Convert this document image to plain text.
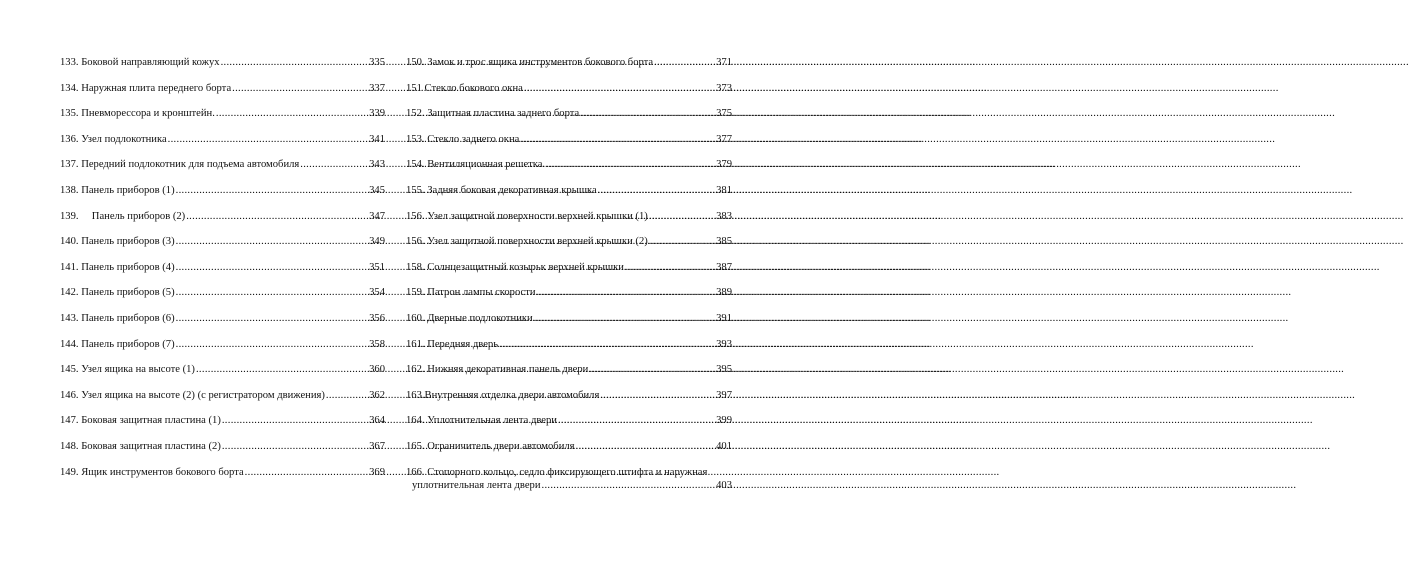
133. Боковой направляющий кожух .....	335
134. Наружная плита переднего борта .....	337
135. Пневморессора и кронштейн. .....	339
136. Узел подлокотника .....	341
137. Передний подлокотник для подъема автомобиля .....	343
138. Панель приборов (1) .....	345
139. Панель приборов (2) .....	347
140. Панель приборов (3) .....	349
141. Панель приборов (4) .....	351
142. Панель приборов (5) .....	354
143. Панель приборов (6) .....	356
144. Панель приборов (7) .....	358
145. Узел ящика на высоте (1) .....	360
146. Узел ящика на высоте (2) (с регистратором движения) .....	362
147. Боковая защитная пластина (1) .....	364
148. Боковая защитная пластина (2) .....	367
149. Ящик инструментов бокового борта .....	369
150. Замок и трос ящика инструментов бокового борта .....	371
151 Стекло бокового окна .....	373
152. Защитная пластина заднего борта .....	375
153. Стекло заднего окна .....	377
154. Вентиляционная решетка. .....	379
155. Задняя боковая декоративная крышка .....	381
156. Узел защитной поверхности верхней крышки (1) .....	383
156. Узел защитной поверхности верхней крышки (2) .....	385
158. Солнцезащитный козырьк верхней крышки .....	387
159. Патрон лампы скорости .....	389
160. Дверные подлокотники .....	391
161. Передняя дверь .....	393
162. Нижняя декоративная панель двери .....	395
163.Внутренняя отделка двери автомобиля .....	397
164. Уплотнительная лента двери .....	399
165. Ограничитель двери автомобиля .....	401
166. Стопорного кольцо, седло фиксирующего штифта и наружная
уплотнительная лента двери .....	403
